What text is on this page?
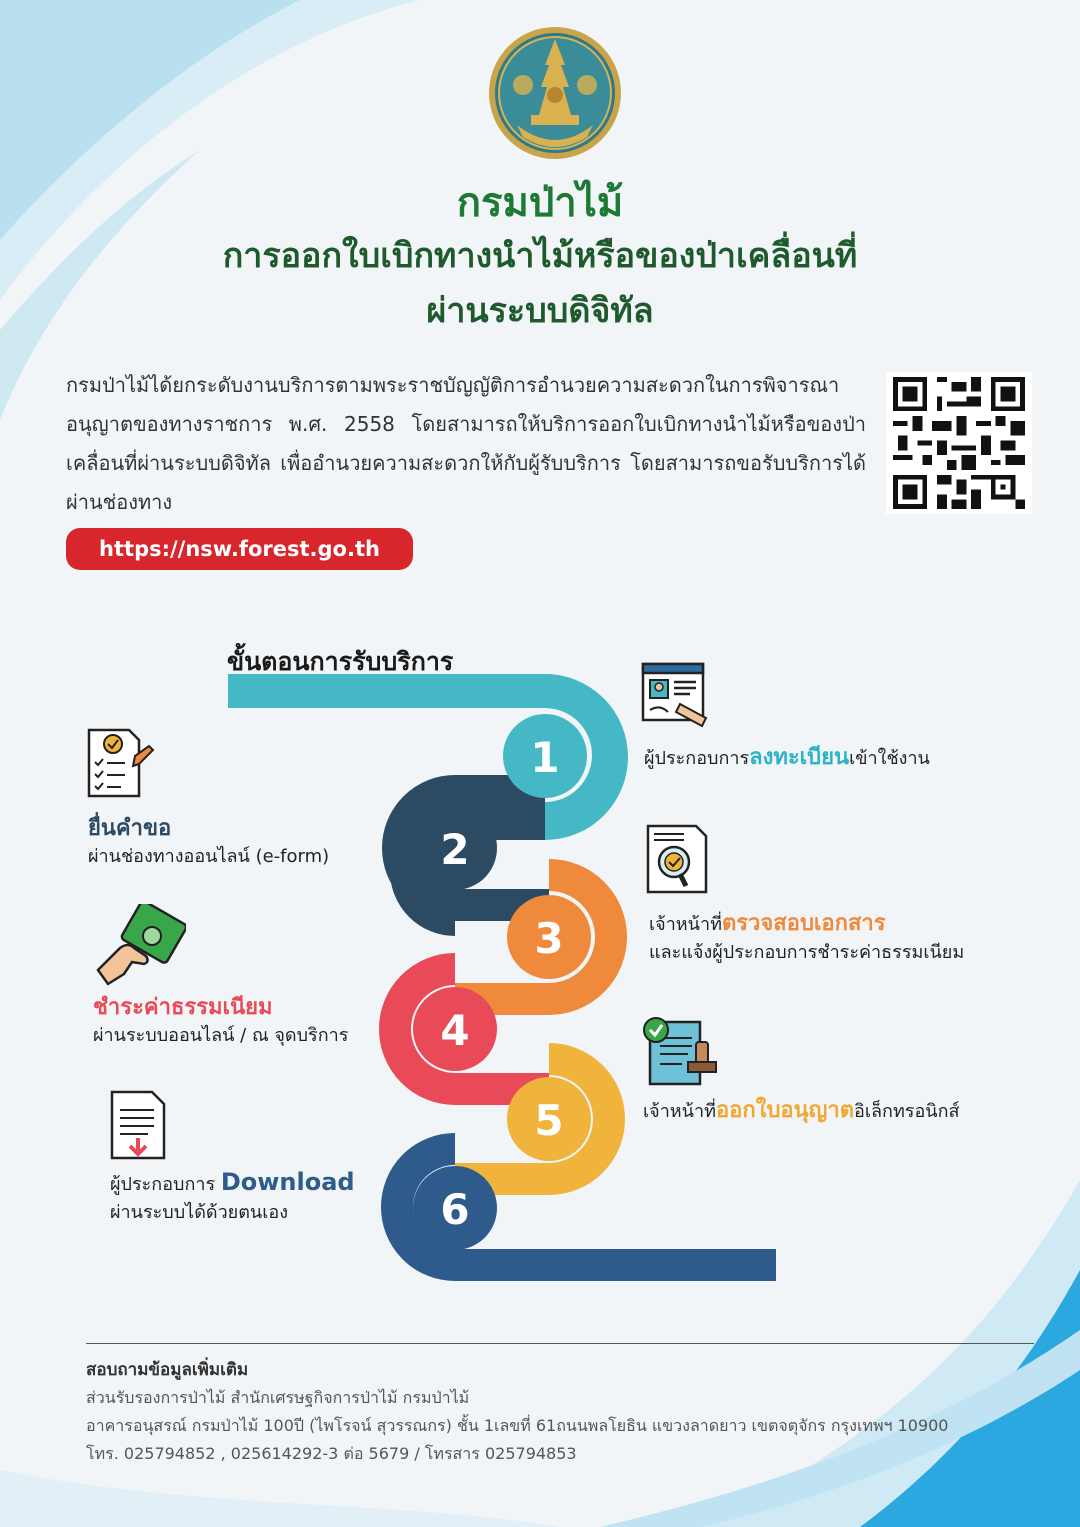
กรมป่าไม้
การออกใบเบิกทางนำไม้หรือของป่าเคลื่อนที่
ผ่านระบบดิจิทัล
กรมป่าไม้ได้ยกระดับงานบริการตามพระราชบัญญัติการอำนวยความสะดวกในการพิจารณาอนุญาตของทางราชการ พ.ศ. 2558 โดยสามารถให้บริการออกใบเบิกทางนำไม้หรือของป่าเคลื่อนที่ผ่านระบบดิจิทัล เพื่ออำนวยความสะดวกให้กับผู้รับบริการ โดยสามารถขอรับบริการได้ผ่านช่องทาง
https://nsw.forest.go.th
ขั้นตอนการรับบริการ
1
2
3
4
5
6
ผู้ประกอบการลงทะเบียนเข้าใช้งาน
ยื่นคำขอ
ผ่านช่องทางออนไลน์ (e-form)
เจ้าหน้าที่ตรวจสอบเอกสาร
และแจ้งผู้ประกอบการชำระค่าธรรมเนียม
ชำระค่าธรรมเนียม
ผ่านระบบออนไลน์ / ณ จุดบริการ
เจ้าหน้าที่ออกใบอนุญาตอิเล็กทรอนิกส์
ผู้ประกอบการ Download
ผ่านระบบได้ด้วยตนเอง
สอบถามข้อมูลเพิ่มเติม
ส่วนรับรองการป่าไม้ สำนักเศรษฐกิจการป่าไม้ กรมป่าไม้
อาคารอนุสรณ์ กรมป่าไม้ 100ปี (ไพโรจน์ สุวรรณกร) ชั้น 1เลขที่ 61ถนนพลโยธิน แขวงลาดยาว เขตจตุจักร กรุงเทพฯ 10900
โทร. 025794852 , 025614292-3 ต่อ 5679 / โทรสาร 025794853
